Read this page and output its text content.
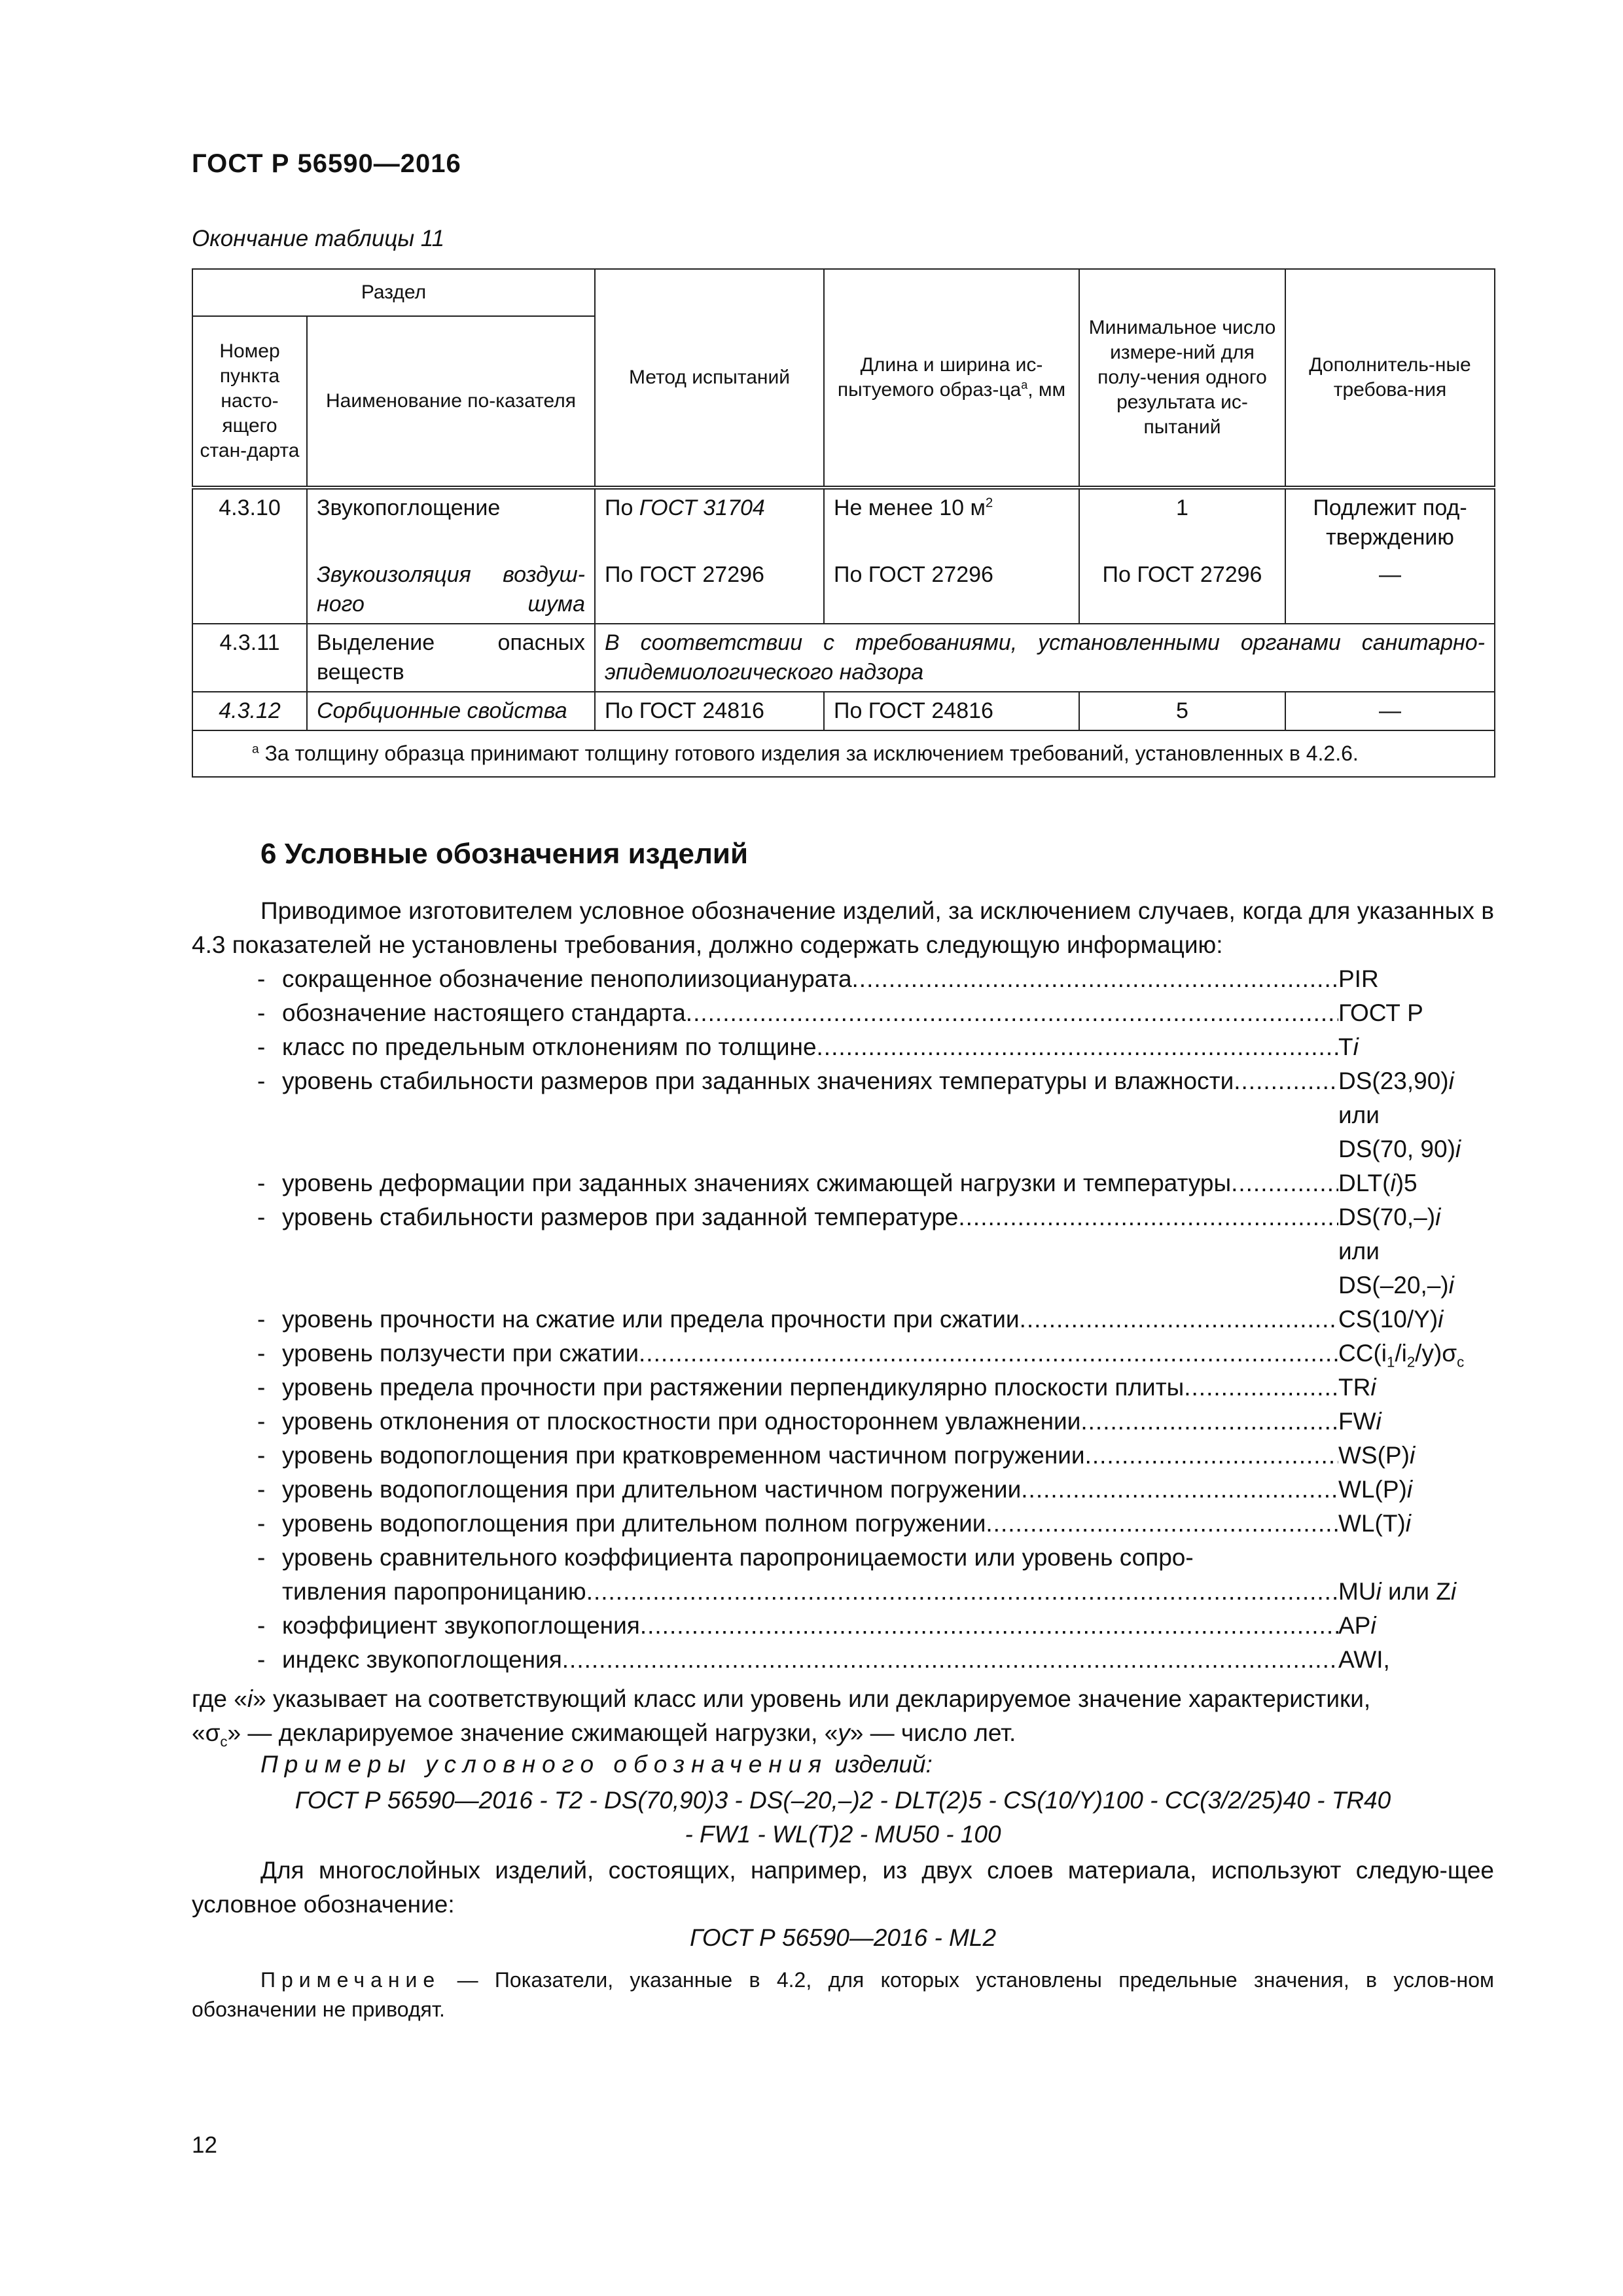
ГОСТ Р 56590—2016
Окончание таблицы 11
Раздел		Метод испытаний	Длина и ширина ис-пытуемого образ-$ца^а$, мм	Минимальное число измере-ний для полу-чения одного результата ис-пытаний	Дополнитель-ные требова-ния
Номер пункта насто-ящего стан-дарта	Наименование по-казателя				
4.3.10	Звукопоглощение	По ГОСТ 31704	Не менее 10 $м^2$	1	Подлежит под-тверждению
	Звукоизоляция воздуш-ного шума	По ГОСТ 27296	По ГОСТ 27296	По ГОСТ 27296	—
4.3.11	Выделение опасных веществ	В соответствии с требованиями, установленными органами санитарно-эпидемиологического надзора			
4.3.12	Сорбционные свойства	По ГОСТ 24816	По ГОСТ 24816	5	—
$^а$ За толщину образца принимают толщину готового изделия за исключением требований, установленных в 4.2.6.					
6 Условные обозначения изделий
Приводимое изготовителем условное обозначение изделий, за исключением случаев, когда для указанных в 4.3 показателей не установлены требования, должно содержать следующую информацию:
- сокращенное обозначение пенополиизоцианурата .....	PIR
- обозначение настоящего стандарта .....	ГОСТ Р
- класс по предельным отклонениям по толщине .....	Ti
- уровень стабильности размеров при заданных значениях температуры и влажности .....	DS(23,90)i
или
DS(70, 90)i
- уровень деформации при заданных значениях сжимающей нагрузки и температуры .....	DLT(i)5
- уровень стабильности размеров при заданной температуре .....	DS(70,–)i
или
DS(–20,–)i
- уровень прочности на сжатие или предела прочности при сжатии .....	CS(10/Y)i
- уровень ползучести при сжатии .....	$CC(i_1/i_2/y)\sigma_c$
- уровень предела прочности при растяжении перпендикулярно плоскости плиты .....	TRi
- уровень отклонения от плоскостности при одностороннем увлажнении .....	FWi
- уровень водопоглощения при кратковременном частичном погружении .....	WS(P)i
- уровень водопоглощения при длительном частичном погружении .....	WL(P)i
- уровень водопоглощения при длительном полном погружении .....	WL(T)i
- уровень сравнительного коэффициента паропроницаемости или уровень сопро-
тивления паропроницанию .....	MUi или Zi
- коэффициент звукопоглощения .....	APi
- индекс звукопоглощения .....	AWI,
где «i» указывает на соответствующий класс или уровень или декларируемое значение характеристики,
«$\sigma_c$» — декларируемое значение сжимающей нагрузки, «у» — число лет.
Примеры условного обозначения изделий:
ГОСТ Р 56590—2016 - T2 - DS(70,90)3 - DS(–20,–)2 - DLT(2)5 - CS(10/Y)100 - CC(3/2/25)40 - TR40
- FW1 - WL(T)2 - MU50 - 100
Для многослойных изделий, состоящих, например, из двух слоев материала, используют следую-щее условное обозначение:
ГОСТ Р 56590—2016 - ML2
Примечание — Показатели, указанные в 4.2, для которых установлены предельные значения, в услов-ном обозначении не приводят.
12
